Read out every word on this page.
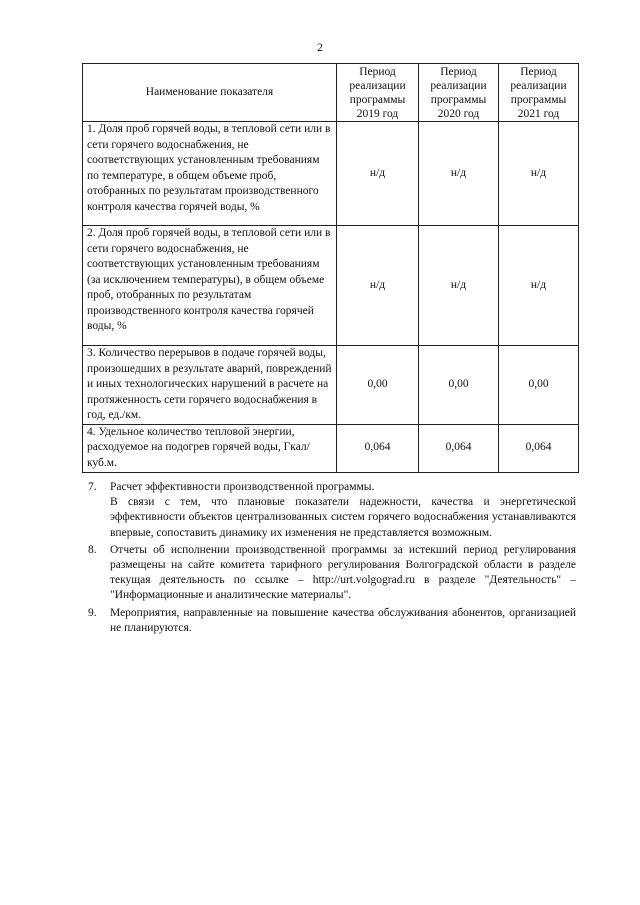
2
Наименование показателя	Период реализации программы 2019 год	Период реализации программы 2020 год	Период реализации программы 2021 год
1. Доля проб горячей воды, в тепловой сети или в сети горячего водоснабжения, не соответствующих установленным требованиям по температуре, в общем объеме проб, отобранных по результатам производственного контроля качества горячей воды, %	н/д	н/д	н/д
2. Доля проб горячей воды, в тепловой сети или в сети горячего водоснабжения, не соответствующих установленным требованиям (за исключением температуры), в общем объеме проб, отобранных по результатам производственного контроля качества горячей воды, %	н/д	н/д	н/д
3. Количество перерывов в подаче горячей воды, произошедших в результате аварий, повреждений и иных технологических нарушений в расчете на протяженность сети горячего водоснабжения в год, ед./км.	0,00	0,00	0,00
4. Удельное количество тепловой энергии, расходуемое на подогрев горячей воды, Гкал/куб.м.	0,064	0,064	0,064
7. Расчет эффективности производственной программы.

В связи с тем, что плановые показатели надежности, качества и энергетической эффективности объектов централизованных систем горячего водоснабжения устанавливаются впервые, сопоставить динамику их изменения не представляется возможным.

8. Отчеты об исполнении производственной программы за истекший период регулирования размещены на сайте комитета тарифного регулирования Волгоградской области в разделе текущая деятельность по ссылке – http://urt.volgograd.ru в разделе "Деятельность" – "Информационные и аналитические материалы".

9. Мероприятия, направленные на повышение качества обслуживания абонентов, организацией не планируются.
